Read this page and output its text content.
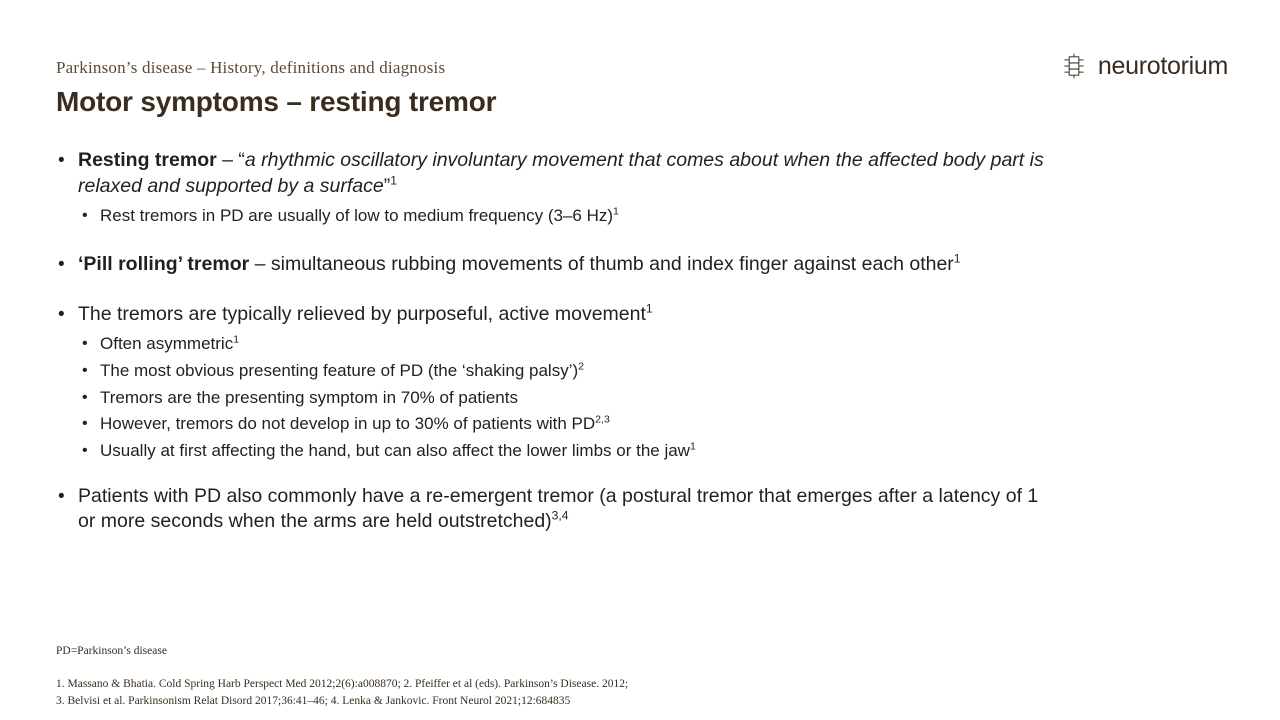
Parkinson’s disease – History, definitions and diagnosis
Motor symptoms – resting tremor
neurotorium
• Resting tremor – “a rhythmic oscillatory involuntary movement that comes about when the affected body part is relaxed and supported by a surface”$^1$
• Rest tremors in PD are usually of low to medium frequency (3–6 Hz)$^1$
• ‘Pill rolling’ tremor – simultaneous rubbing movements of thumb and index finger against each other$^1$
• The tremors are typically relieved by purposeful, active movement$^1$
• Often asymmetric$^1$
• The most obvious presenting feature of PD (the ‘shaking palsy’)$^2$
• Tremors are the presenting symptom in 70% of patients
• However, tremors do not develop in up to 30% of patients with PD$^{2,3}$
• Usually at first affecting the hand, but can also affect the lower limbs or the jaw$^1$
• Patients with PD also commonly have a re-emergent tremor (a postural tremor that emerges after a latency of 1 or more seconds when the arms are held outstretched)$^{3,4}$
PD=Parkinson’s disease
1. Massano & Bhatia. Cold Spring Harb Perspect Med 2012;2(6):a008870; 2. Pfeiffer et al (eds). Parkinson’s Disease. 2012;
3. Belvisi et al. Parkinsonism Relat Disord 2017;36:41–46; 4. Lenka & Jankovic. Front Neurol 2021;12:684835
